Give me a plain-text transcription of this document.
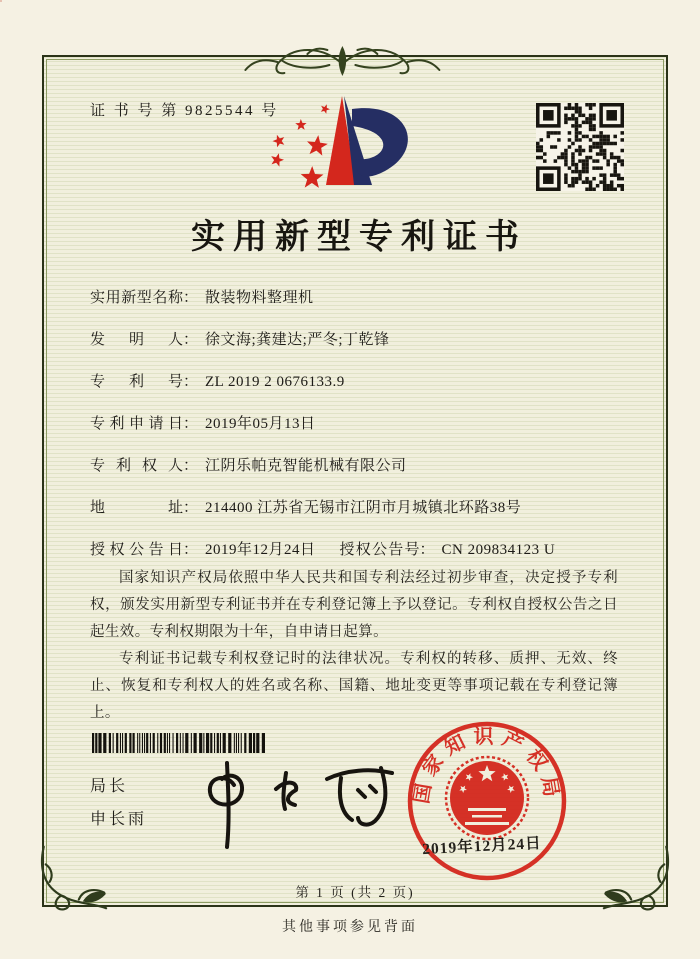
证 书 号 第 9825544 号
实用新型专利证书
实用新型名称： 散装物料整理机
发明人： 徐文海;龚建达;严冬;丁乾锋
专利号： ZL 2019 2 0676133.9
专利申请日： 2019年05月13日
专利权人： 江阴乐帕克智能机械有限公司
地址： 214400 江苏省无锡市江阴市月城镇北环路38号
授权公告日： 2019年12月24日 授权公告号： CN 209834123 U

国家知识产权局依照中华人民共和国专利法经过初步审查，决定授予专利权，颁发实用新型专利证书并在专利登记簿上予以登记。专利权自授权公告之日起生效。专利权期限为十年，自申请日起算。

专利证书记载专利权登记时的法律状况。专利权的转移、质押、无效、终止、恢复和专利权人的姓名或名称、国籍、地址变更等事项记载在专利登记簿上。

局长
申长雨
国家知识产权局
2019年12月24日
第 1 页 (共 2 页)
其他事项参见背面
